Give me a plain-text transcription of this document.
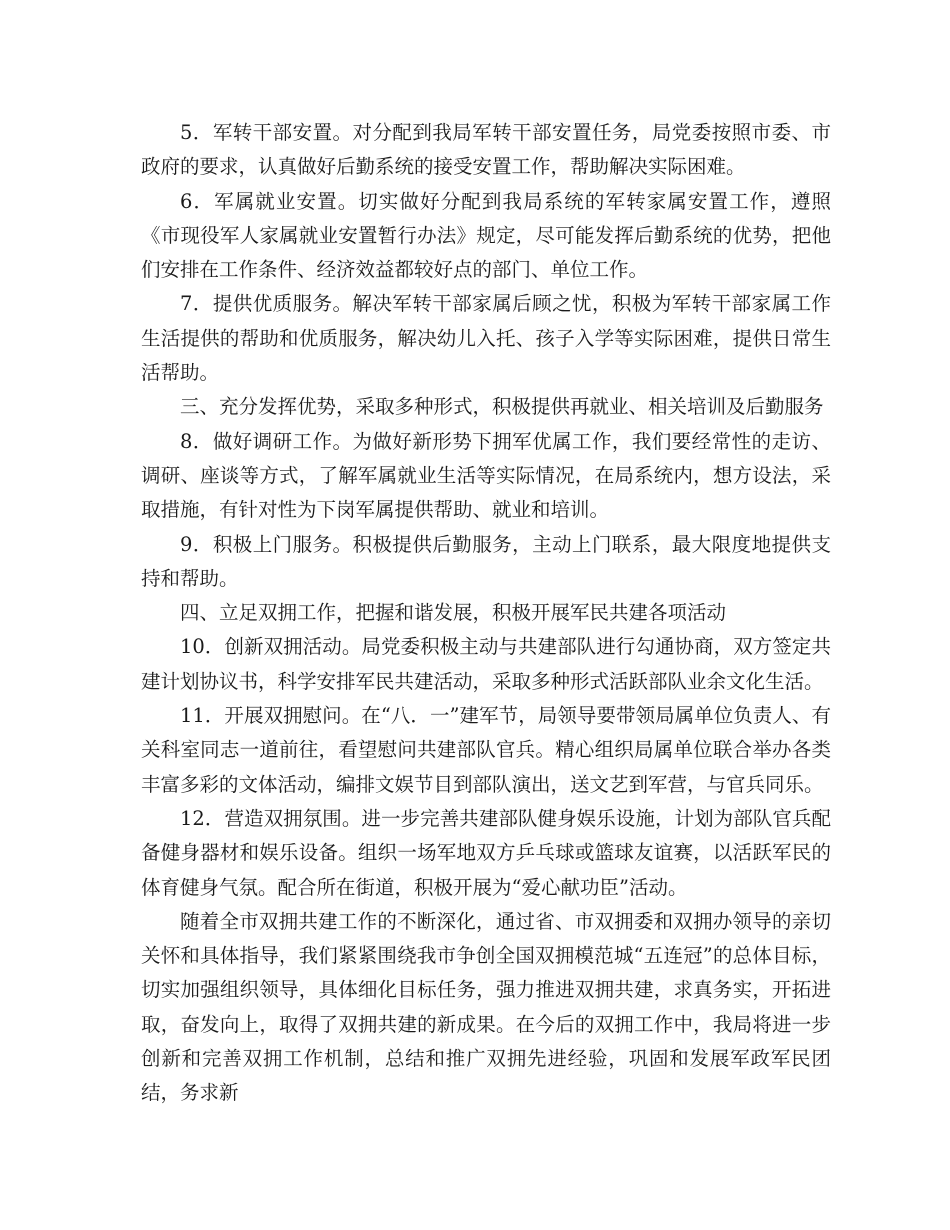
5．军转干部安置。对分配到我局军转干部安置任务，局党委按照市委、市政府的要求，认真做好后勤系统的接受安置工作，帮助解决实际困难。

6．军属就业安置。切实做好分配到我局系统的军转家属安置工作，遵照《市现役军人家属就业安置暂行办法》规定，尽可能发挥后勤系统的优势，把他们安排在工作条件、经济效益都较好点的部门、单位工作。

7．提供优质服务。解决军转干部家属后顾之忧，积极为军转干部家属工作生活提供的帮助和优质服务，解决幼儿入托、孩子入学等实际困难，提供日常生活帮助。

三、充分发挥优势，采取多种形式，积极提供再就业、相关培训及后勤服务

8．做好调研工作。为做好新形势下拥军优属工作，我们要经常性的走访、调研、座谈等方式，了解军属就业生活等实际情况，在局系统内，想方设法，采取措施，有针对性为下岗军属提供帮助、就业和培训。

9．积极上门服务。积极提供后勤服务，主动上门联系，最大限度地提供支持和帮助。

四、立足双拥工作，把握和谐发展，积极开展军民共建各项活动

10．创新双拥活动。局党委积极主动与共建部队进行勾通协商，双方签定共建计划协议书，科学安排军民共建活动，采取多种形式活跃部队业余文化生活。

11．开展双拥慰问。在“八．一”建军节，局领导要带领局属单位负责人、有关科室同志一道前往，看望慰问共建部队官兵。精心组织局属单位联合举办各类丰富多彩的文体活动，编排文娱节目到部队演出，送文艺到军营，与官兵同乐。

12．营造双拥氛围。进一步完善共建部队健身娱乐设施，计划为部队官兵配备健身器材和娱乐设备。组织一场军地双方乒乓球或篮球友谊赛，以活跃军民的体育健身气氛。配合所在街道，积极开展为“爱心献功臣”活动。

随着全市双拥共建工作的不断深化，通过省、市双拥委和双拥办领导的亲切关怀和具体指导，我们紧紧围绕我市争创全国双拥模范城“五连冠”的总体目标，切实加强组织领导，具体细化目标任务，强力推进双拥共建，求真务实，开拓进取，奋发向上，取得了双拥共建的新成果。在今后的双拥工作中，我局将进一步创新和完善双拥工作机制，总结和推广双拥先进经验，巩固和发展军政军民团结，务求新
